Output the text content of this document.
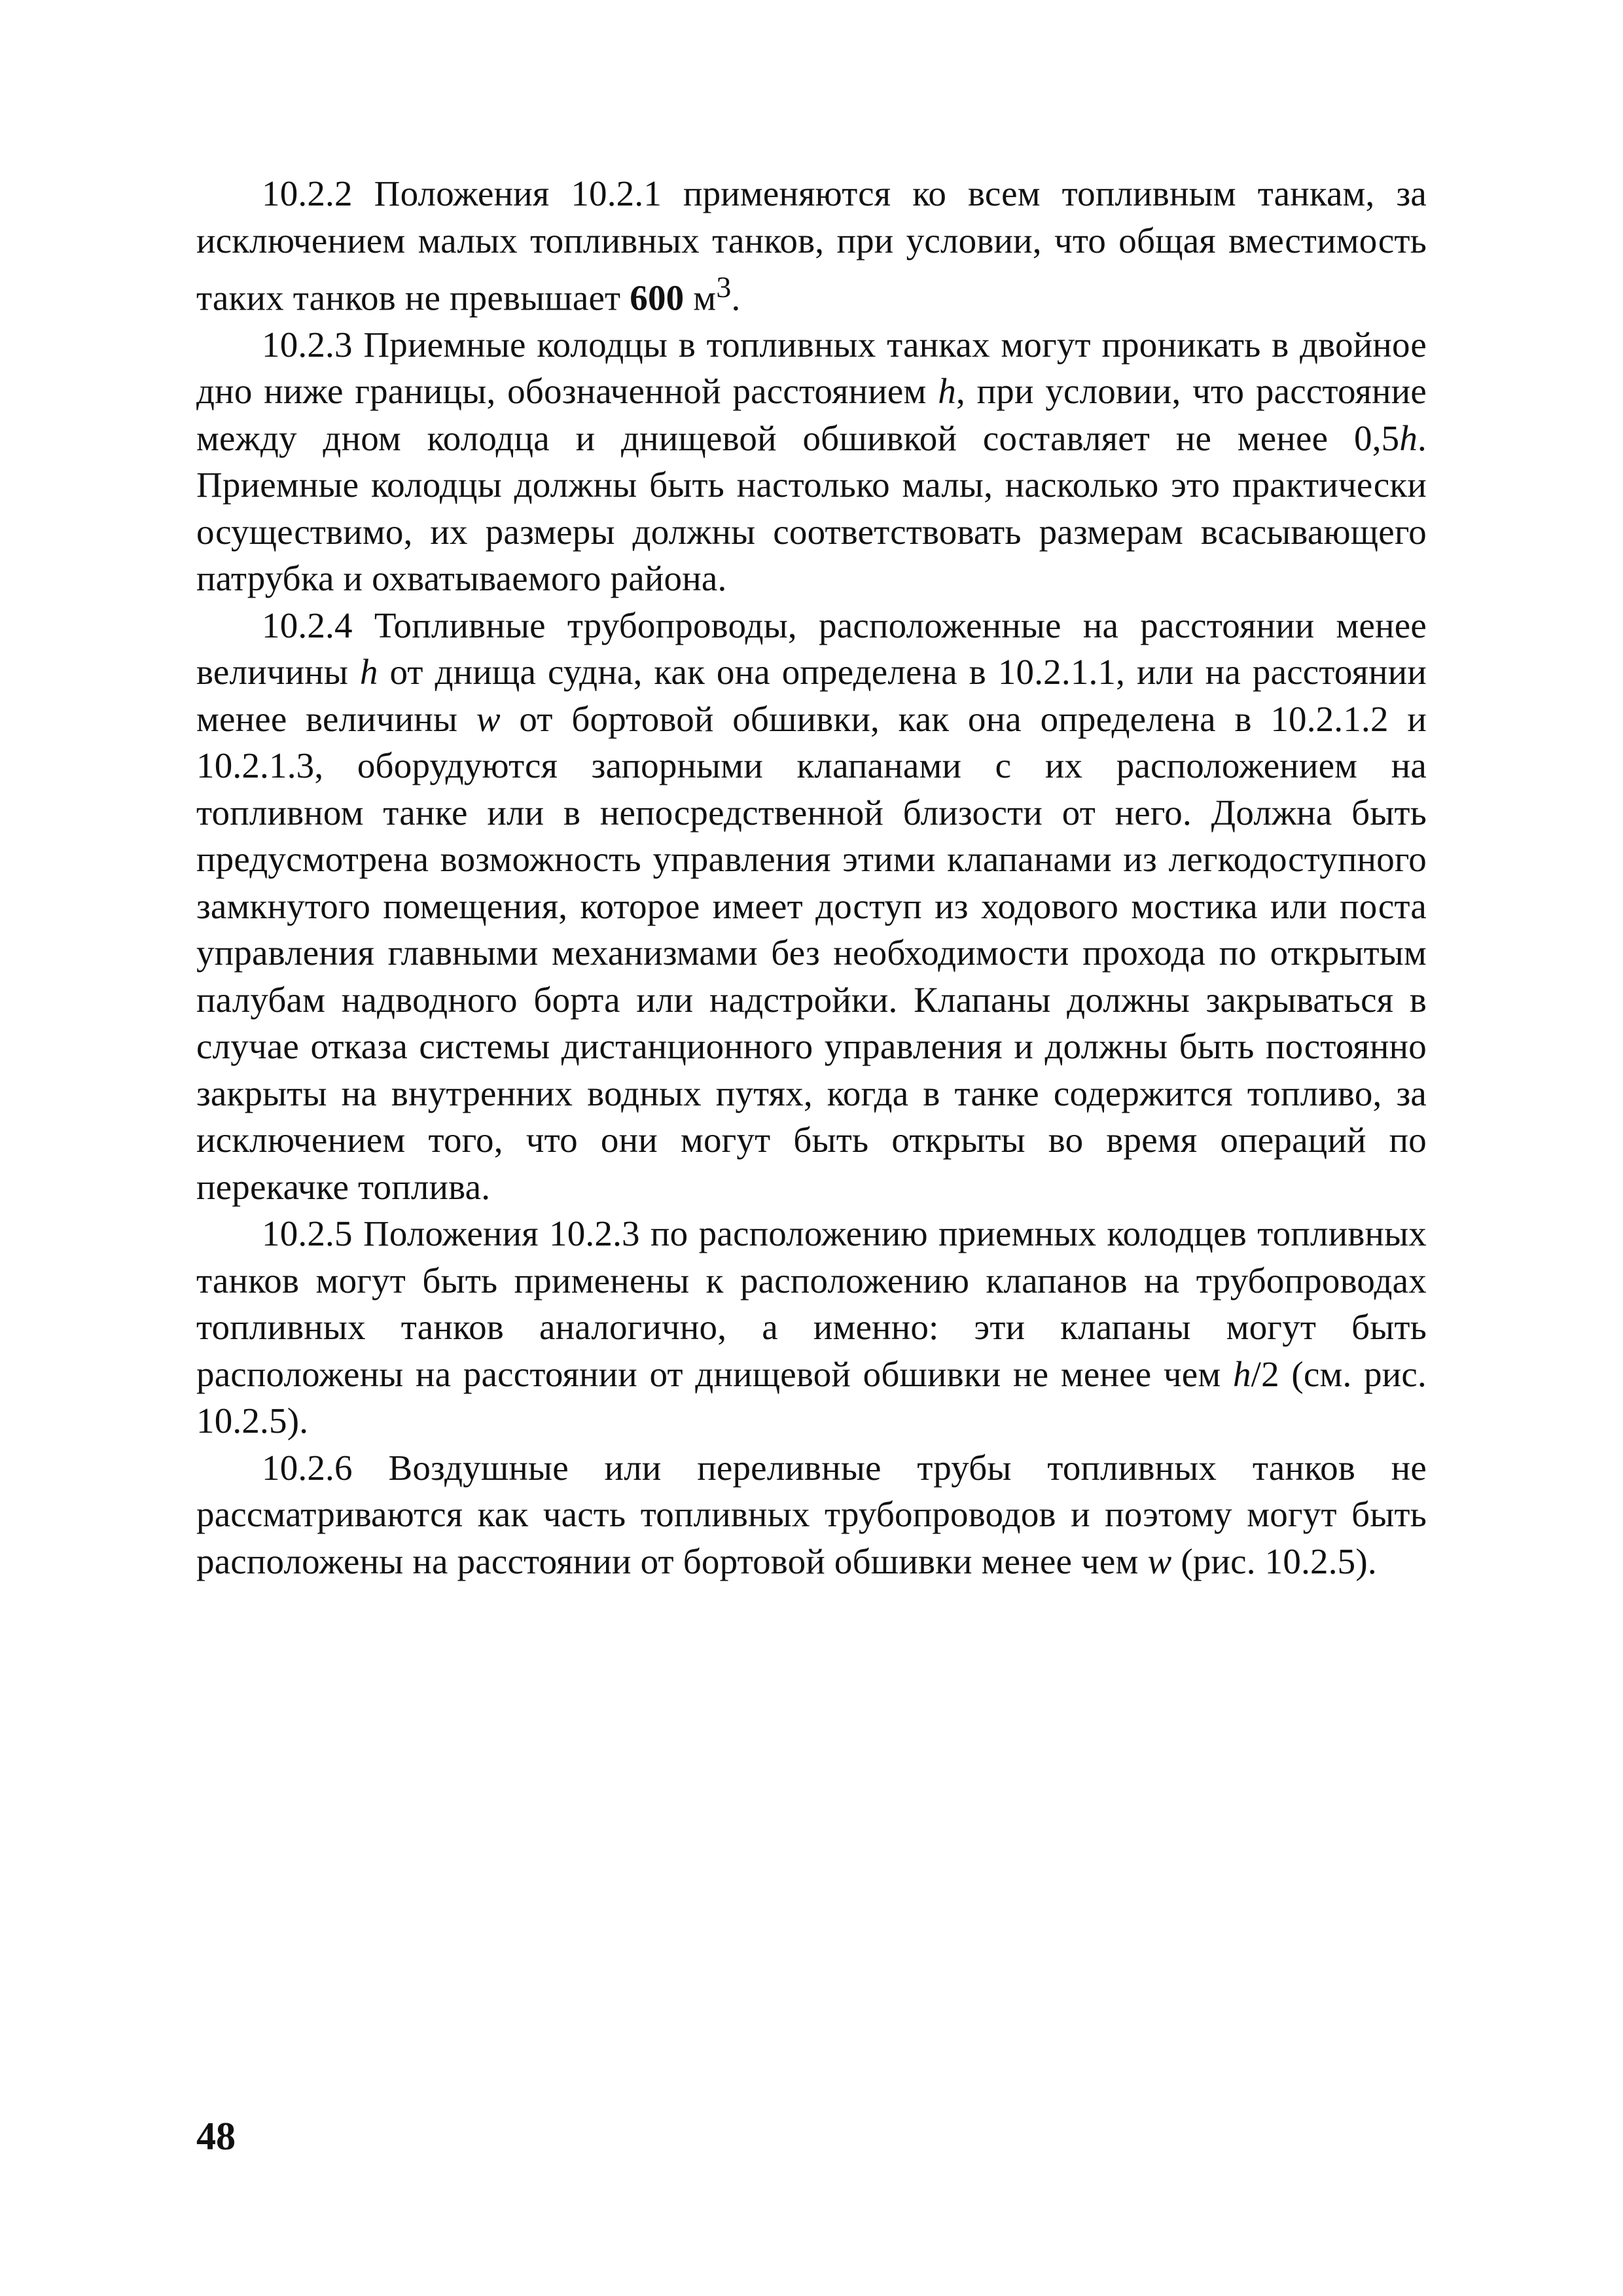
10.2.2 Положения 10.2.1 применяются ко всем топливным танкам, за исключением малых топливных танков, при условии, что общая вместимость таких танков не превышает 600 $м^3$.

10.2.3 Приемные колодцы в топливных танках могут проникать в двойное дно ниже границы, обозначенной расстоянием h, при условии, что расстояние между дном колодца и днищевой обшивкой составляет не менее 0,5h. Приемные колодцы должны быть настолько малы, насколько это практически осуществимо, их размеры должны соответствовать размерам всасывающего патрубка и охватываемого района.

10.2.4 Топливные трубопроводы, расположенные на расстоянии менее величины h от днища судна, как она определена в 10.2.1.1, или на расстоянии менее величины w от бортовой обшивки, как она определена в 10.2.1.2 и 10.2.1.3, оборудуются запорными клапанами с их расположением на топливном танке или в непосредственной близости от него. Должна быть предусмотрена возможность управления этими клапанами из легкодоступного замкнутого помещения, которое имеет доступ из ходового мостика или поста управления главными механизмами без необходимости прохода по открытым палубам надводного борта или надстройки. Клапаны должны закрываться в случае отказа системы дистанционного управления и должны быть постоянно закрыты на внутренних водных путях, когда в танке содержится топливо, за исключением того, что они могут быть открыты во время операций по перекачке топлива.

10.2.5 Положения 10.2.3 по расположению приемных колодцев топливных танков могут быть применены к расположению клапанов на трубопроводах топливных танков аналогично, а именно: эти клапаны могут быть расположены на расстоянии от днищевой обшивки не менее чем h/2 (см. рис. 10.2.5).

10.2.6 Воздушные или переливные трубы топливных танков не рассматриваются как часть топливных трубопроводов и поэтому могут быть расположены на расстоянии от бортовой обшивки менее чем w (рис. 10.2.5).

48
